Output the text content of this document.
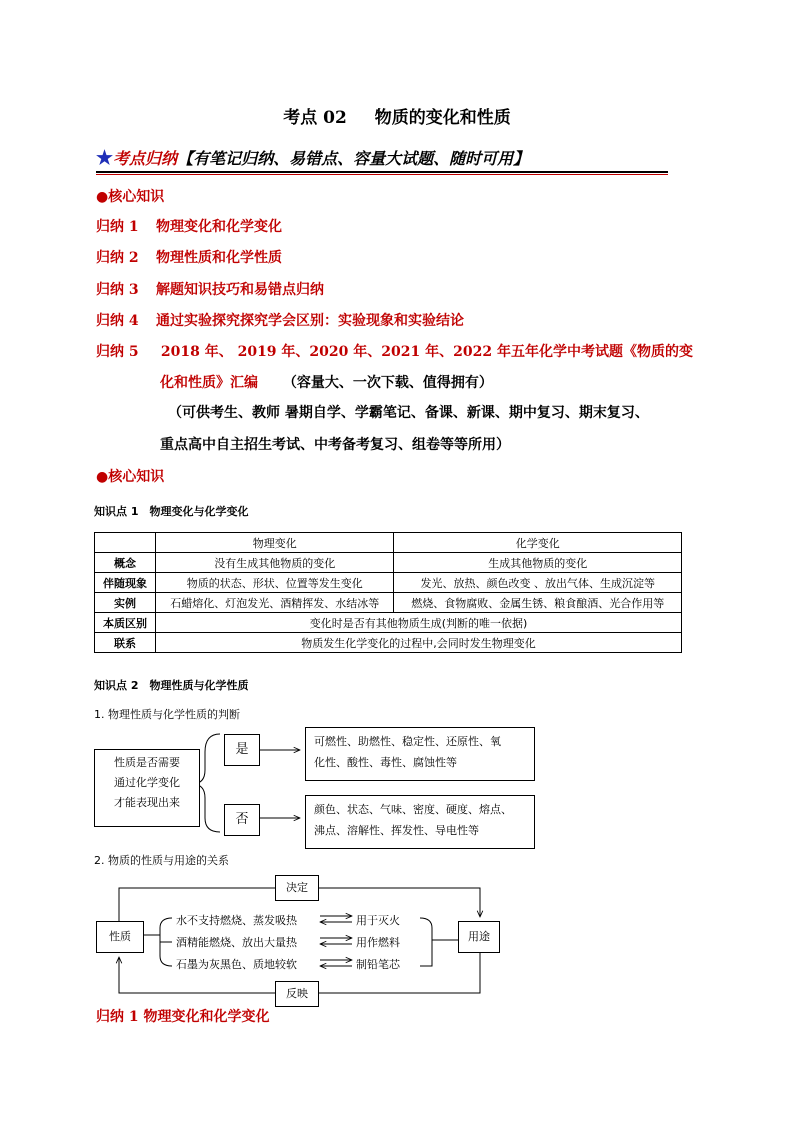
考点 02 物质的变化和性质
★考点归纳【有笔记归纳、易错点、容量大试题、随时可用】
●核心知识
归纳 1 物理变化和化学变化
归纳 2 物理性质和化学性质
归纳 3 解题知识技巧和易错点归纳
归纳 4 通过实验探究探究学会区别：实验现象和实验结论
归纳 5 2018 年、 2019 年、2020 年、2021 年、2022 年五年化学中考试题《物质的变
化和性质》汇编 （容量大、一次下载、值得拥有）
（可供考生、教师 暑期自学、学霸笔记、备课、新课、期中复习、期末复习、
重点高中自主招生考试、中考备考复习、组卷等等所用）
●核心知识
知识点 1　物理变化与化学变化
	物理变化	化学变化
概念	没有生成其他物质的变化	生成其他物质的变化
伴随现象	物质的状态、形状、位置等发生变化	发光、放热、颜色改变 、放出气体、生成沉淀等
实例	石蜡熔化、灯泡发光、酒精挥发、水结冰等	燃烧、食物腐败、金属生锈、粮食酿酒、光合作用等
本质区别	变化时是否有其他物质生成(判断的唯一依据)	
联系	物质发生化学变化的过程中,会同时发生物理变化	
知识点 2　物理性质与化学性质
1. 物理性质与化学性质的判断
性质是否需要
通过化学变化
才能表现出来
是
否
可燃性、助燃性、稳定性、还原性、氧
化性、酸性、毒性、腐蚀性等
颜色、状态、气味、密度、硬度、熔点、
沸点、溶解性、挥发性、导电性等
2. 物质的性质与用途的关系
决定
反映
性质	用途
水不支持燃烧、蒸发吸热
酒精能燃烧、放出大量热
石墨为灰黑色、质地较软
用于灭火
用作燃料
制铅笔芯
归纳 1 物理变化和化学变化
